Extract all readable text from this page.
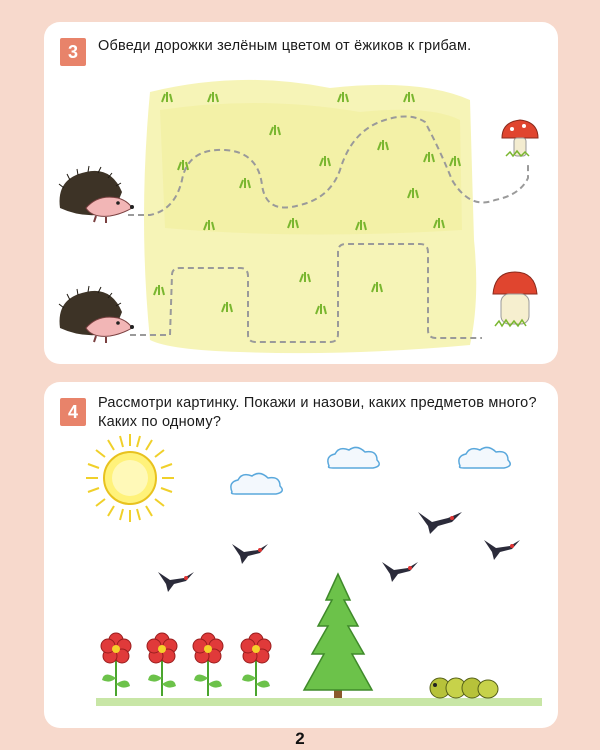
3	Обведи дорожки зелёным цветом от ёжиков к грибам.
4	Рассмотри картинку. Покажи и назови, каких предметов много? Каких по одному?
2
